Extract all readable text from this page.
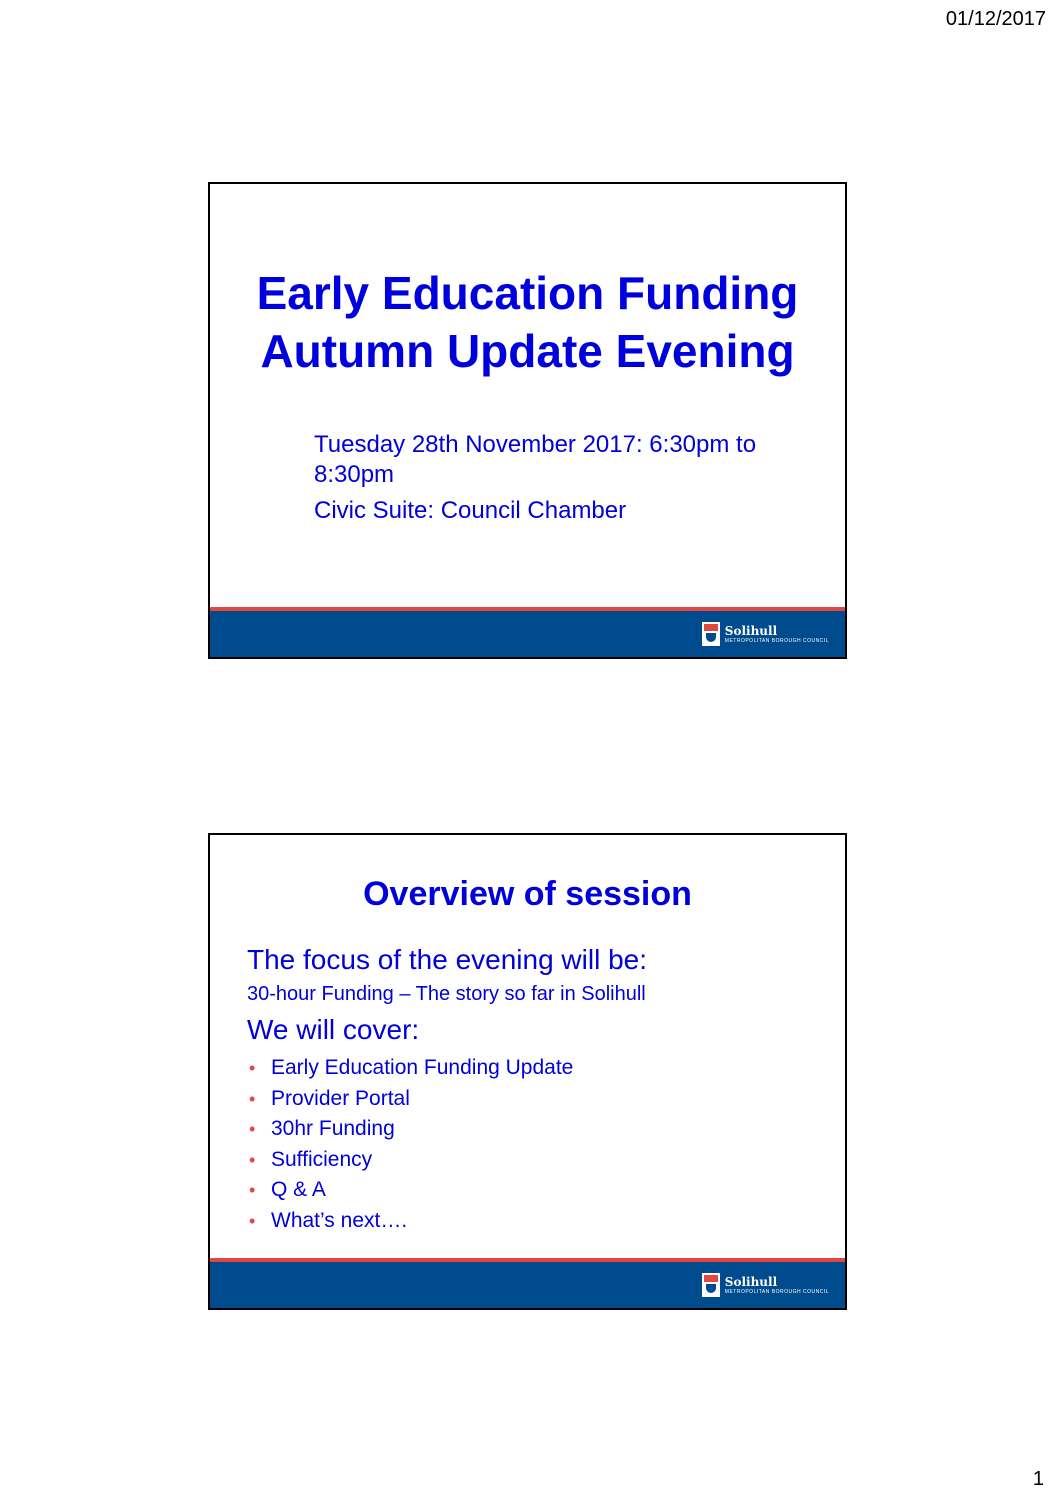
01/12/2017
Early Education Funding
Autumn Update Evening
Tuesday 28th November 2017: 6:30pm to 8:30pm
Civic Suite: Council Chamber
Solihull
METROPOLITAN BOROUGH COUNCIL
Overview of session
The focus of the evening will be:
30-hour Funding – The story so far in Solihull
We will cover:
• Early Education Funding Update
• Provider Portal
• 30hr Funding
• Sufficiency
• Q & A
• What’s next….
Solihull
METROPOLITAN BOROUGH COUNCIL
1
